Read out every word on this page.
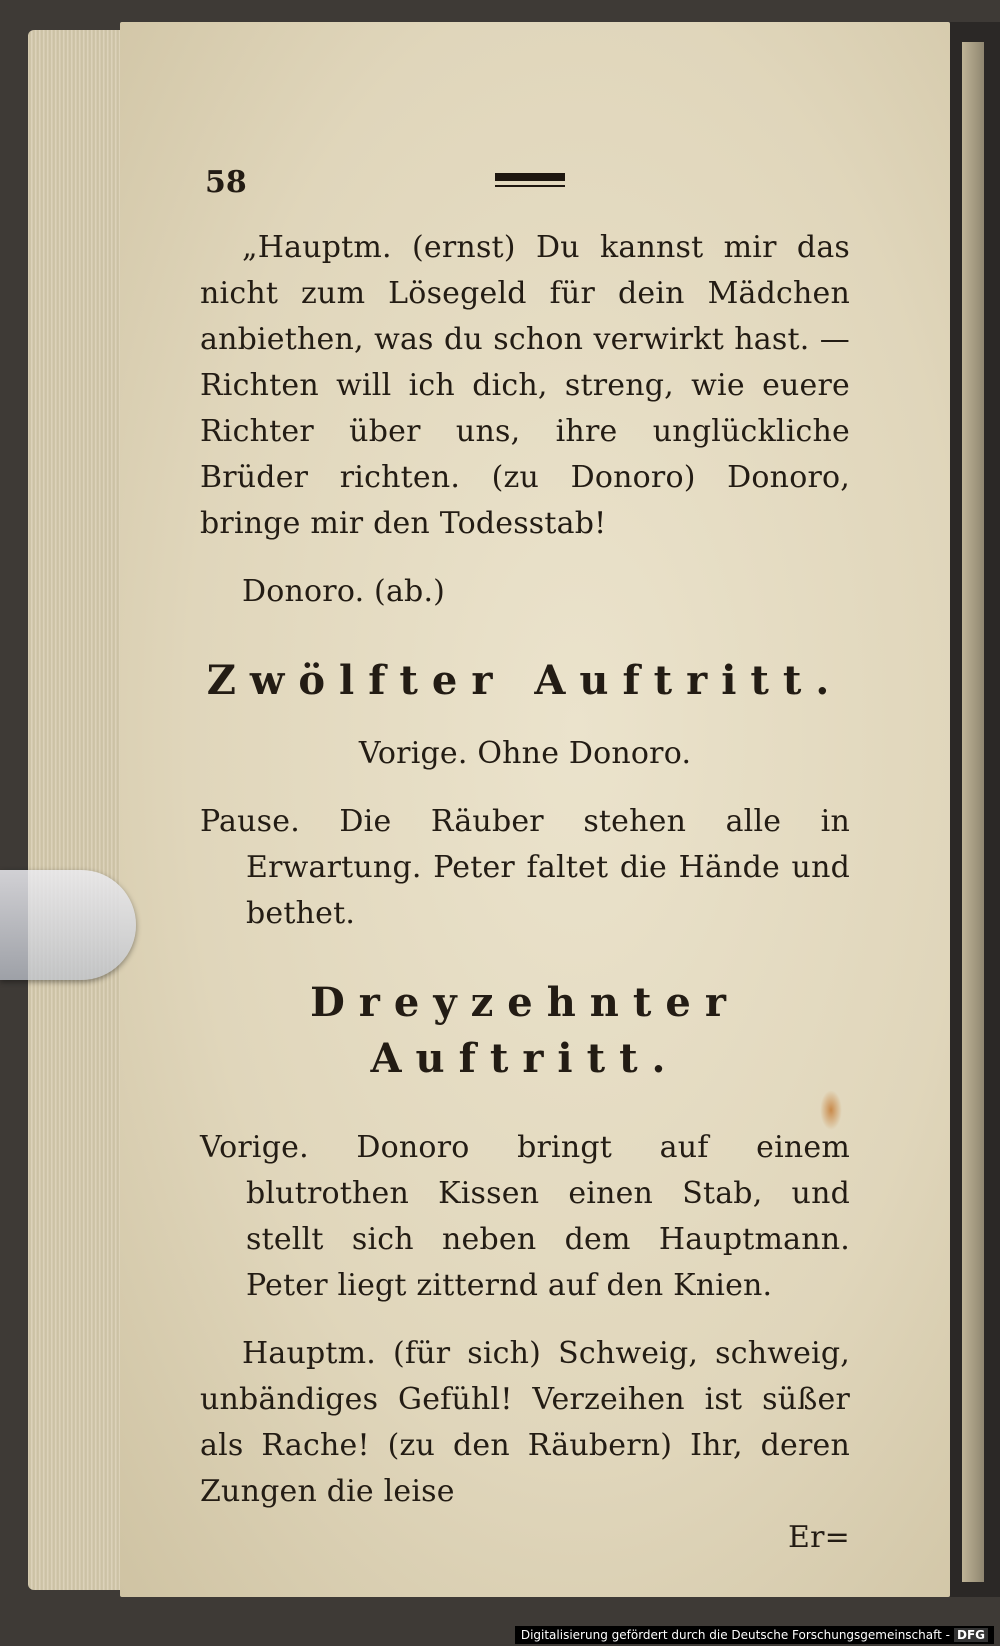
58

„Hauptm. (ernst) Du kannst mir das nicht zum Lösegeld für dein Mädchen anbiethen, was du schon verwirkt hast. — Richten will ich dich, streng, wie euere Richter über uns, ihre unglückliche Brüder richten. (zu Donoro) Donoro, bringe mir den Todesstab!

Donoro. (ab.)

Zwölfter Auftritt.

Vorige. Ohne Donoro.

Pause. Die Räuber stehen alle in Erwartung. Peter faltet die Hände und bethet.

Dreyzehnter Auftritt.

Vorige. Donoro bringt auf einem blutrothen Kissen einen Stab, und stellt sich neben dem Hauptmann. Peter liegt zitternd auf den Knien.

Hauptm. (für sich) Schweig, schweig, unbändiges Gefühl! Verzeihen ist süßer als Rache! (zu den Räubern) Ihr, deren Zungen die leise

Er=

Digitalisierung gefördert durch die Deutsche Forschungsgemeinschaft - DFG
